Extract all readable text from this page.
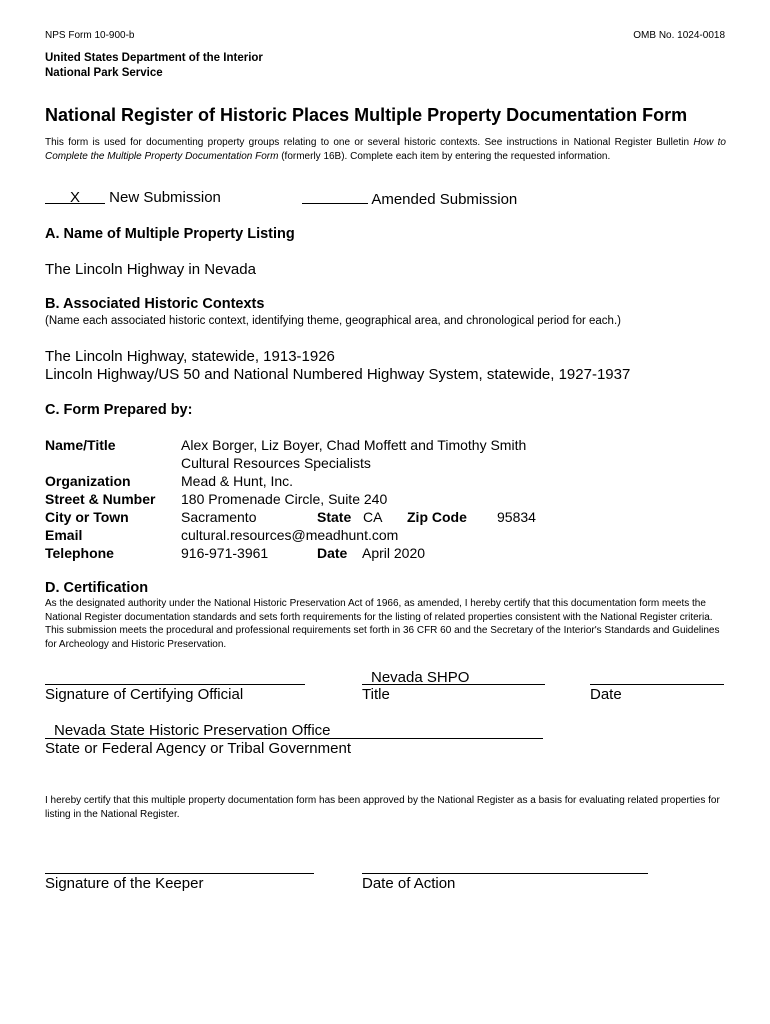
NPS Form 10-900-b	OMB No. 1024-0018
United States Department of the Interior
National Park Service
National Register of Historic Places Multiple Property Documentation Form
This form is used for documenting property groups relating to one or several historic contexts. See instructions in National Register Bulletin How to Complete the Multiple Property Documentation Form (formerly 16B). Complete each item by entering the requested information.
X New Submission	Amended Submission
A. Name of Multiple Property Listing
The Lincoln Highway in Nevada
B. Associated Historic Contexts
(Name each associated historic context, identifying theme, geographical area, and chronological period for each.)
The Lincoln Highway, statewide, 1913-1926
Lincoln Highway/US 50 and National Numbered Highway System, statewide, 1927-1937
C. Form Prepared by:
Name/Title	Alex Borger, Liz Boyer, Chad Moffett and Timothy Smith
Cultural Resources Specialists
Organization	Mead & Hunt, Inc.
Street & Number 180 Promenade Circle, Suite 240
City or Town	Sacramento	State CA Zip Code 95834
Email	cultural.resources@meadhunt.com
Telephone	916-971-3961	Date April 2020
D. Certification
As the designated authority under the National Historic Preservation Act of 1966, as amended, I hereby certify that this documentation form meets the National Register documentation standards and sets forth requirements for the listing of related properties consistent with the National Register criteria. This submission meets the procedural and professional requirements set forth in 36 CFR 60 and the Secretary of the Interior's Standards and Guidelines for Archeology and Historic Preservation.
Signature of Certifying Official
Nevada SHPO
Title	Date
Nevada State Historic Preservation Office
State or Federal Agency or Tribal Government
I hereby certify that this multiple property documentation form has been approved by the National Register as a basis for evaluating related properties for listing in the National Register.
Signature of the Keeper	Date of Action
